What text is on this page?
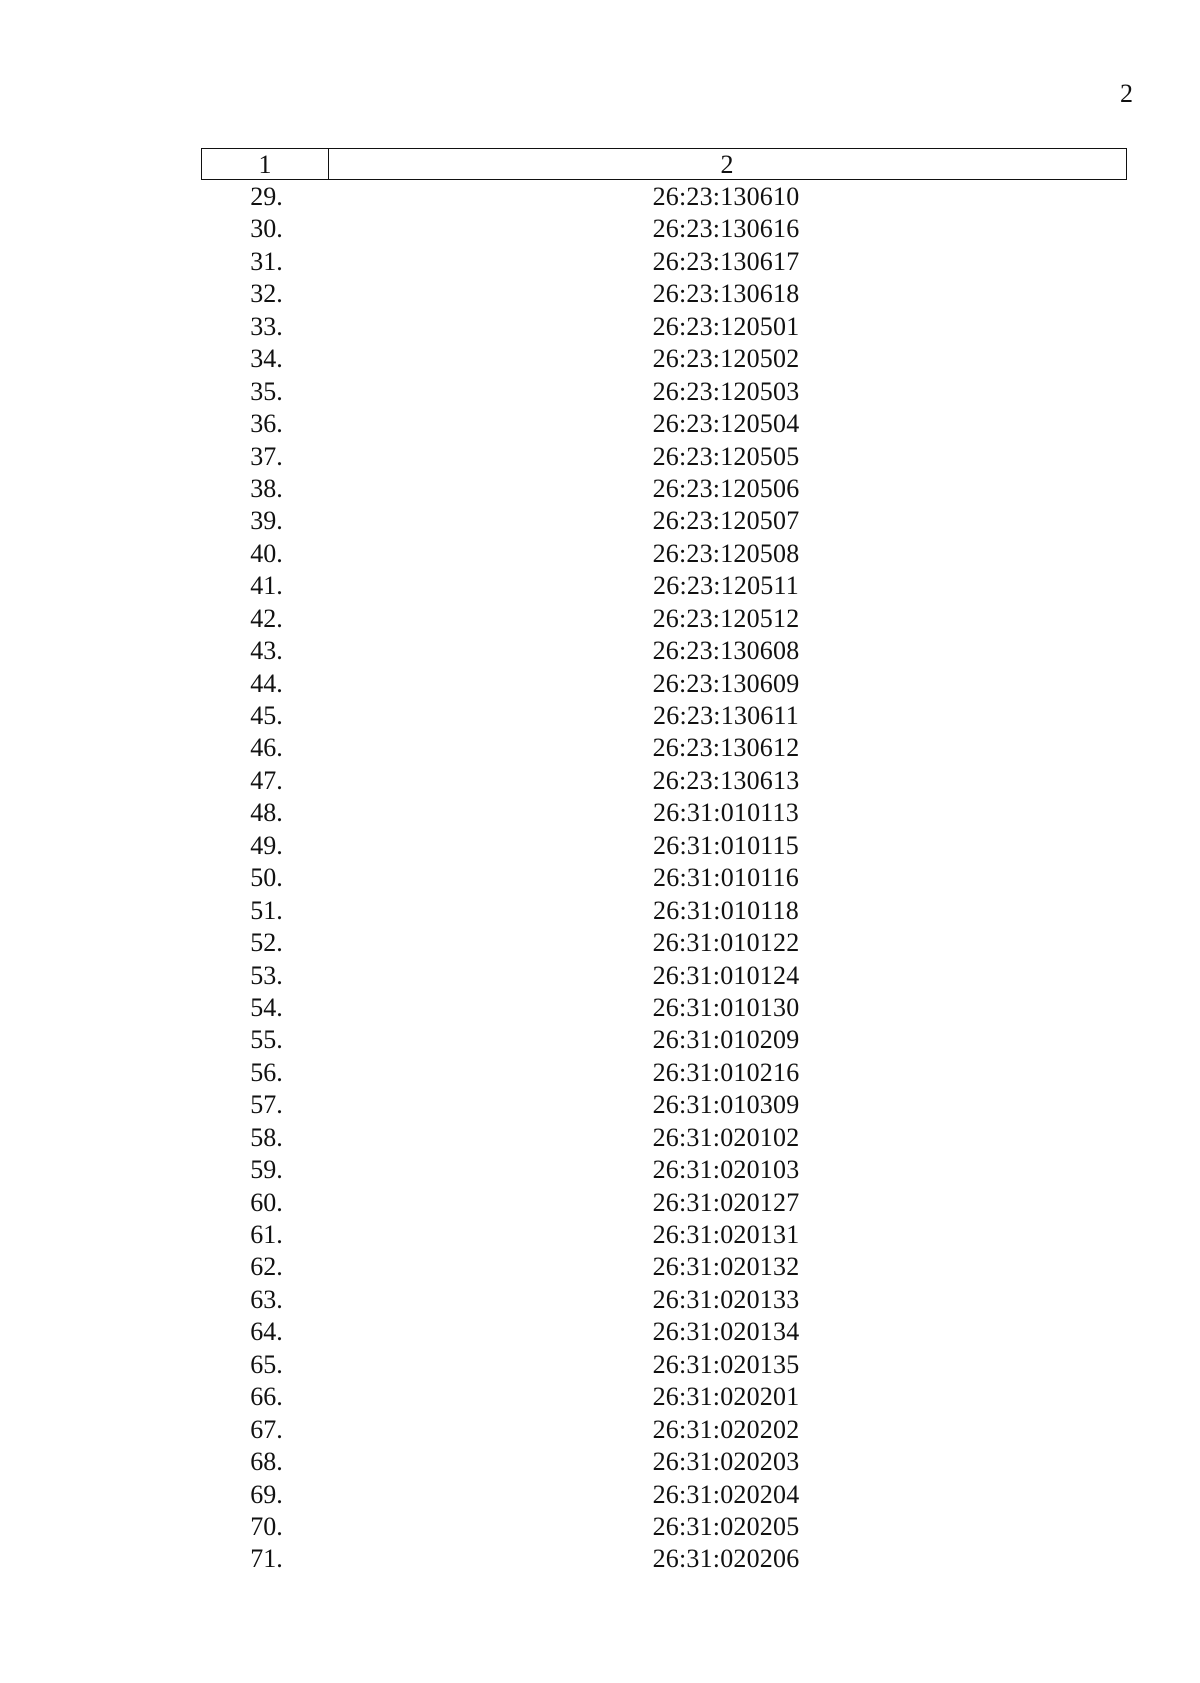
2
1	2
29.	26:23:130610
30.	26:23:130616
31.	26:23:130617
32.	26:23:130618
33.	26:23:120501
34.	26:23:120502
35.	26:23:120503
36.	26:23:120504
37.	26:23:120505
38.	26:23:120506
39.	26:23:120507
40.	26:23:120508
41.	26:23:120511
42.	26:23:120512
43.	26:23:130608
44.	26:23:130609
45.	26:23:130611
46.	26:23:130612
47.	26:23:130613
48.	26:31:010113
49.	26:31:010115
50.	26:31:010116
51.	26:31:010118
52.	26:31:010122
53.	26:31:010124
54.	26:31:010130
55.	26:31:010209
56.	26:31:010216
57.	26:31:010309
58.	26:31:020102
59.	26:31:020103
60.	26:31:020127
61.	26:31:020131
62.	26:31:020132
63.	26:31:020133
64.	26:31:020134
65.	26:31:020135
66.	26:31:020201
67.	26:31:020202
68.	26:31:020203
69.	26:31:020204
70.	26:31:020205
71.	26:31:020206
